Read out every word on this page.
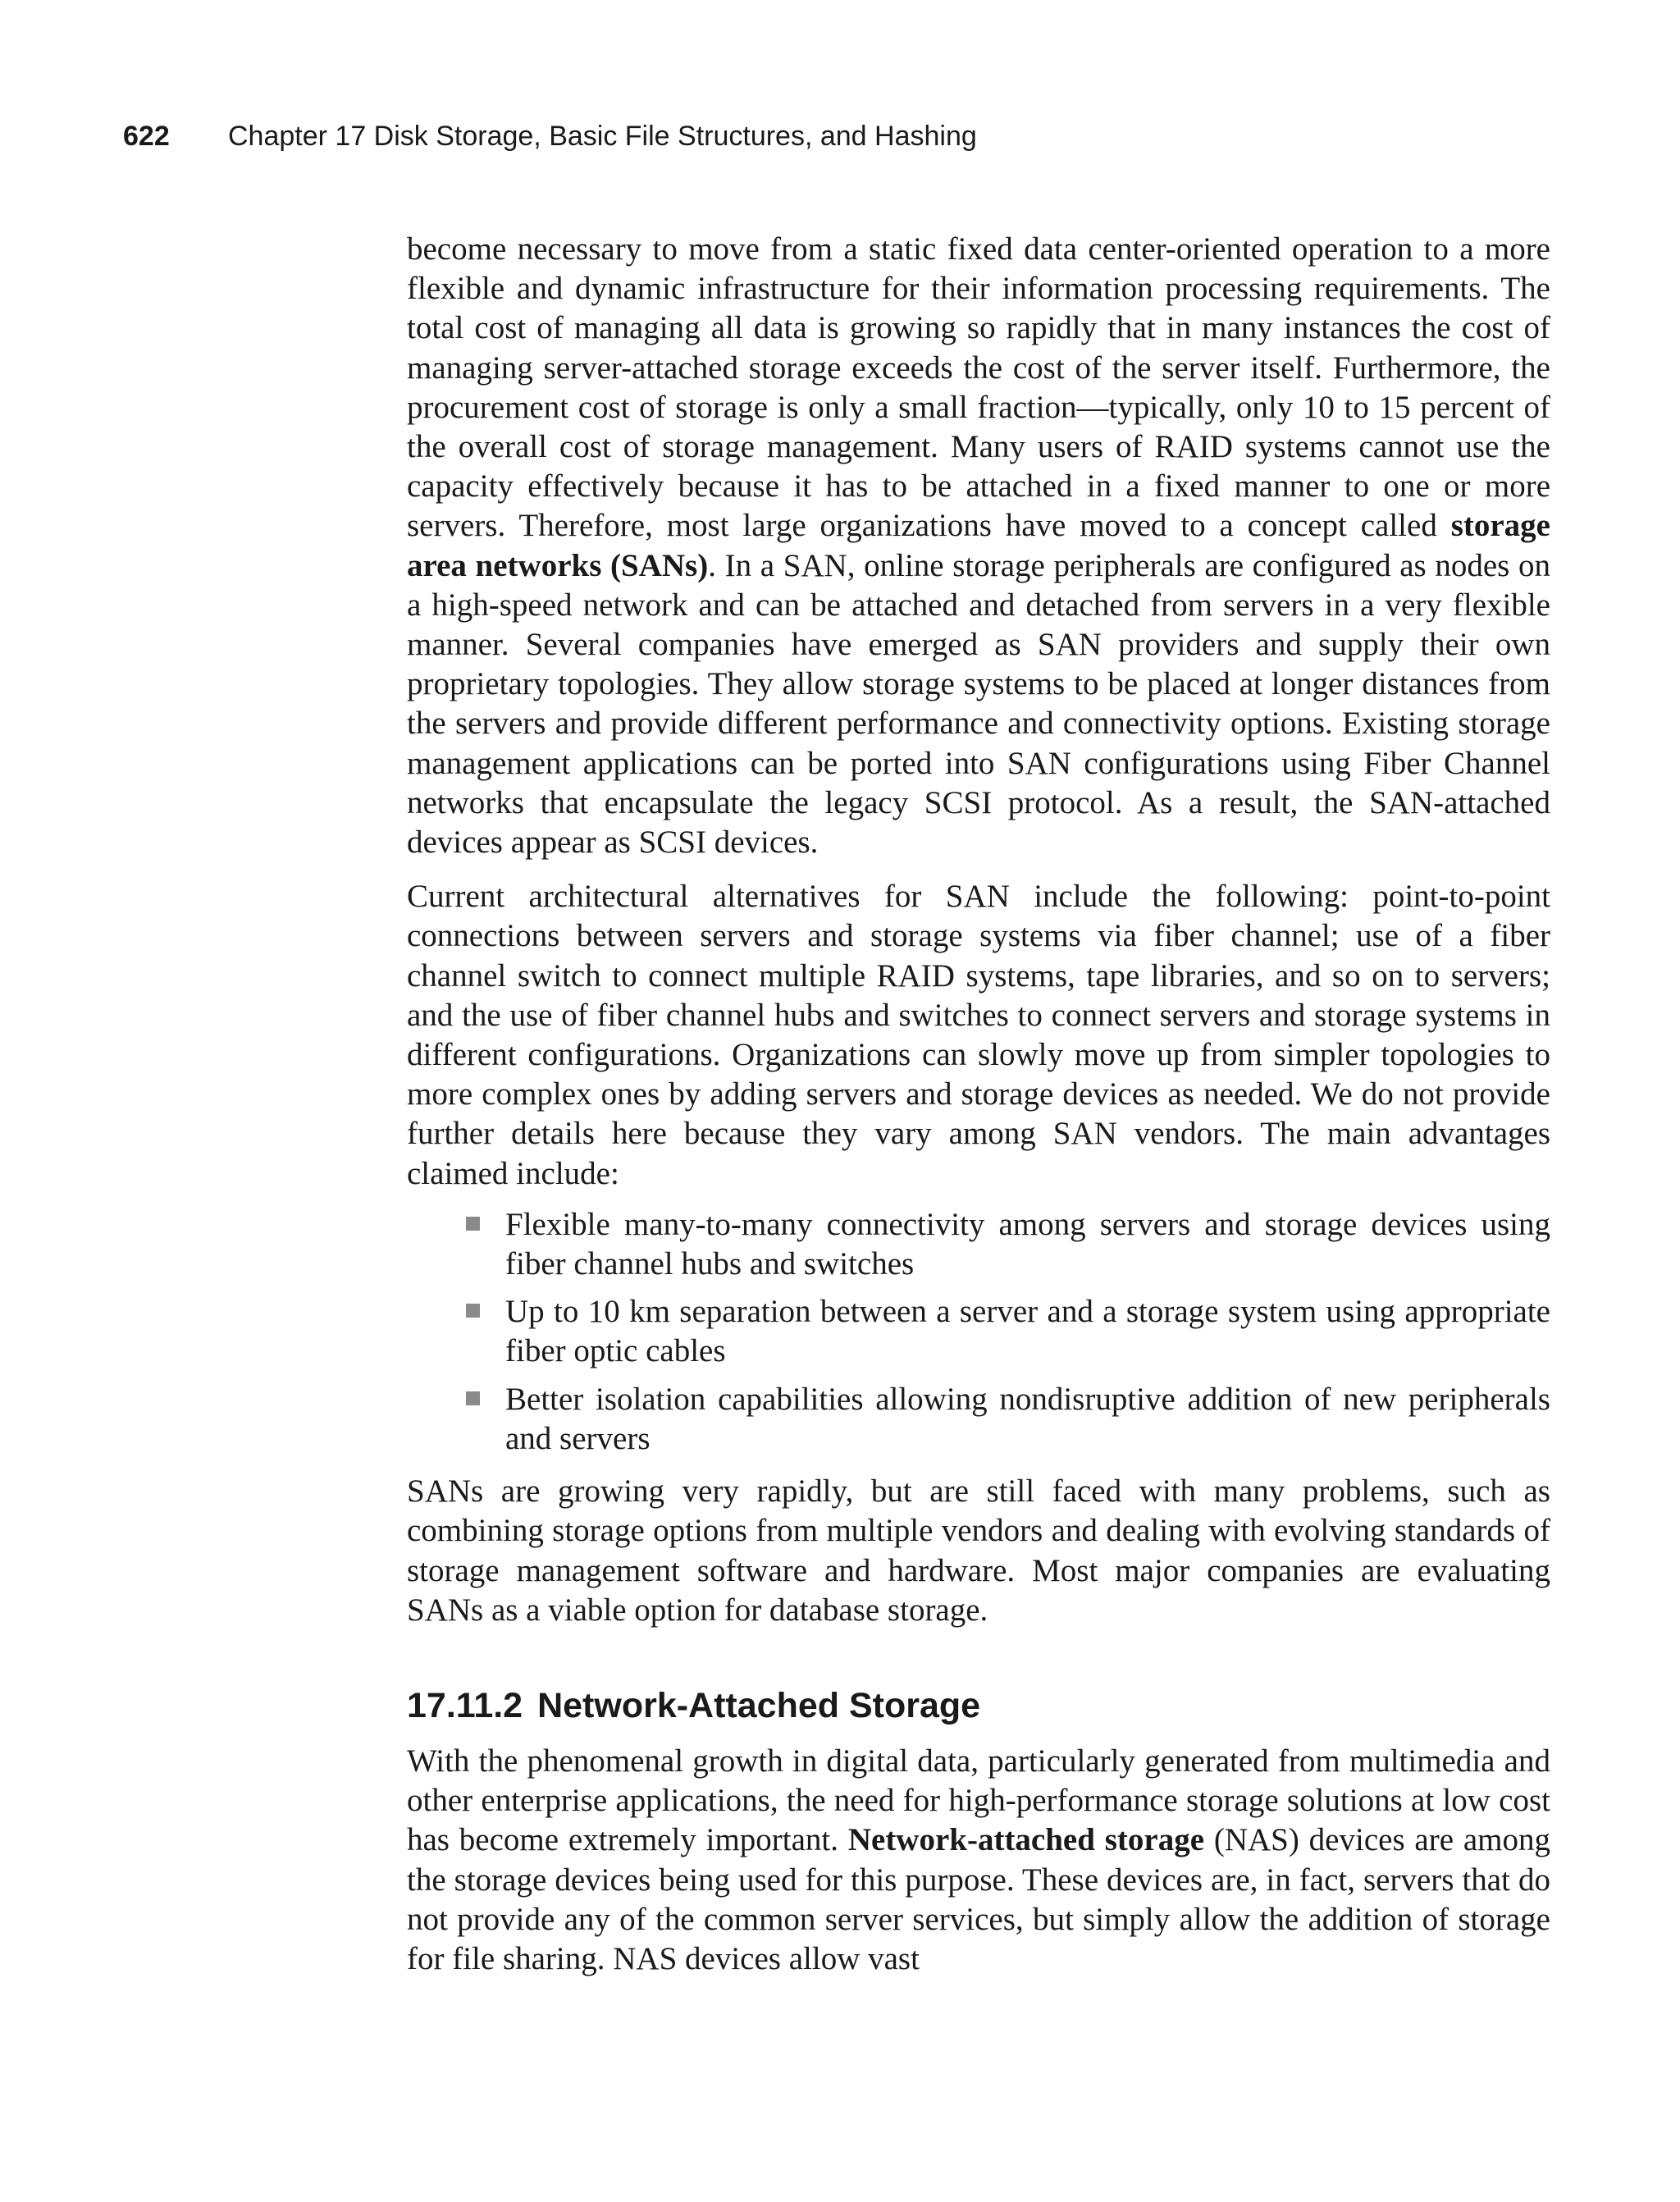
622 Chapter 17 Disk Storage, Basic File Structures, and Hashing

become necessary to move from a static fixed data center-oriented operation to a more flexible and dynamic infrastructure for their information processing requirements. The total cost of managing all data is growing so rapidly that in many instances the cost of managing server-attached storage exceeds the cost of the server itself. Furthermore, the procurement cost of storage is only a small fraction—typically, only 10 to 15 percent of the overall cost of storage management. Many users of RAID systems cannot use the capacity effectively because it has to be attached in a fixed manner to one or more servers. Therefore, most large organizations have moved to a concept called storage area networks (SANs). In a SAN, online storage peripherals are configured as nodes on a high-speed network and can be attached and detached from servers in a very flexible manner. Several companies have emerged as SAN providers and supply their own proprietary topologies. They allow storage systems to be placed at longer distances from the servers and provide different performance and connectivity options. Existing storage management applications can be ported into SAN configurations using Fiber Channel networks that encapsulate the legacy SCSI protocol. As a result, the SAN-attached devices appear as SCSI devices.

Current architectural alternatives for SAN include the following: point-to-point connections between servers and storage systems via fiber channel; use of a fiber channel switch to connect multiple RAID systems, tape libraries, and so on to servers; and the use of fiber channel hubs and switches to connect servers and storage systems in different configurations. Organizations can slowly move up from simpler topologies to more complex ones by adding servers and storage devices as needed. We do not provide further details here because they vary among SAN vendors. The main advantages claimed include:

Flexible many-to-many connectivity among servers and storage devices using fiber channel hubs and switches
Up to 10 km separation between a server and a storage system using appropriate fiber optic cables
Better isolation capabilities allowing nondisruptive addition of new peripherals and servers

SANs are growing very rapidly, but are still faced with many problems, such as combining storage options from multiple vendors and dealing with evolving standards of storage management software and hardware. Most major companies are evaluating SANs as a viable option for database storage.

17.11.2 Network-Attached Storage

With the phenomenal growth in digital data, particularly generated from multimedia and other enterprise applications, the need for high-performance storage solutions at low cost has become extremely important. Network-attached storage (NAS) devices are among the storage devices being used for this purpose. These devices are, in fact, servers that do not provide any of the common server services, but simply allow the addition of storage for file sharing. NAS devices allow vast
